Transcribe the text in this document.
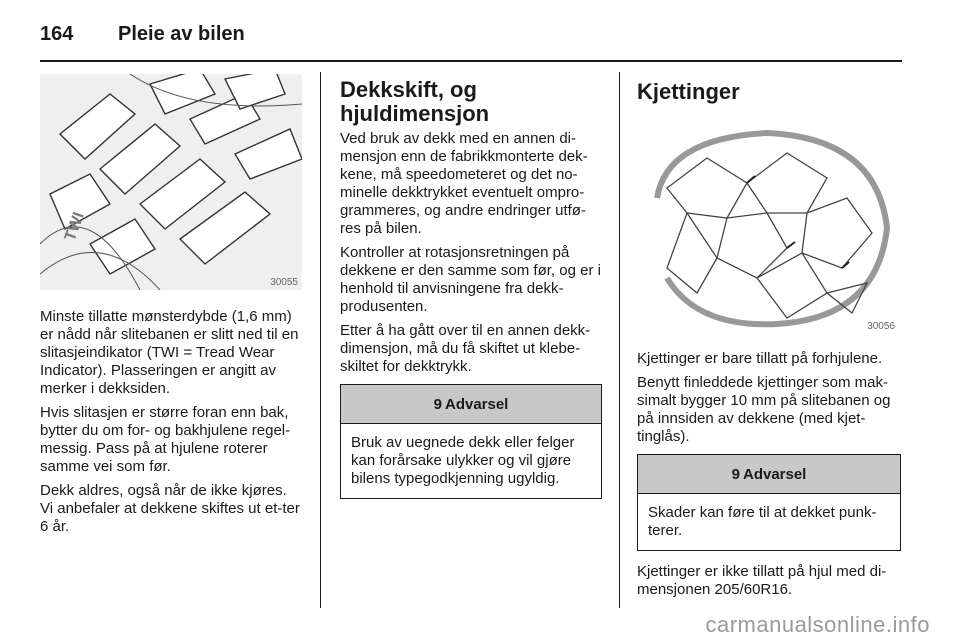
164	Pleie av bilen
TWI
30055

Minste tillatte mønsterdybde (1,6 mm) er nådd når slitebanen er slitt ned til en slitasjeindikator (TWI = Tread Wear Indicator). Plasseringen er angitt av merker i dekksiden.

Hvis slitasjen er større foran enn bak, bytter du om for- og bakhjulene regel-messig. Pass på at hjulene roterer samme vei som før.

Dekk aldres, også når de ikke kjøres. Vi anbefaler at dekkene skiftes ut et-ter 6 år.

Dekkskift, og hjuldimensjon

Ved bruk av dekk med en annen di-mensjon enn de fabrikkmonterte dek-kene, må speedometeret og det no-minelle dekktrykket eventuelt ompro-grammeres, og andre endringer utfø-res på bilen.

Kontroller at rotasjonsretningen på dekkene er den samme som før, og er i henhold til anvisningene fra dekk-produsenten.

Etter å ha gått over til en annen dekk-dimensjon, må du få skiftet ut klebe-skiltet for dekktrykk.

9 Advarsel

Bruk av uegnede dekk eller felger kan forårsake ulykker og vil gjøre bilens typegodkjenning ugyldig.

Kjettinger
30056

Kjettinger er bare tillatt på forhjulene.

Benytt finleddede kjettinger som mak-simalt bygger 10 mm på slitebanen og på innsiden av dekkene (med kjet-tinglås).

9 Advarsel

Skader kan føre til at dekket punk-terer.

Kjettinger er ikke tillatt på hjul med di-mensjonen 205/60R16.

carmanualsonline.info
